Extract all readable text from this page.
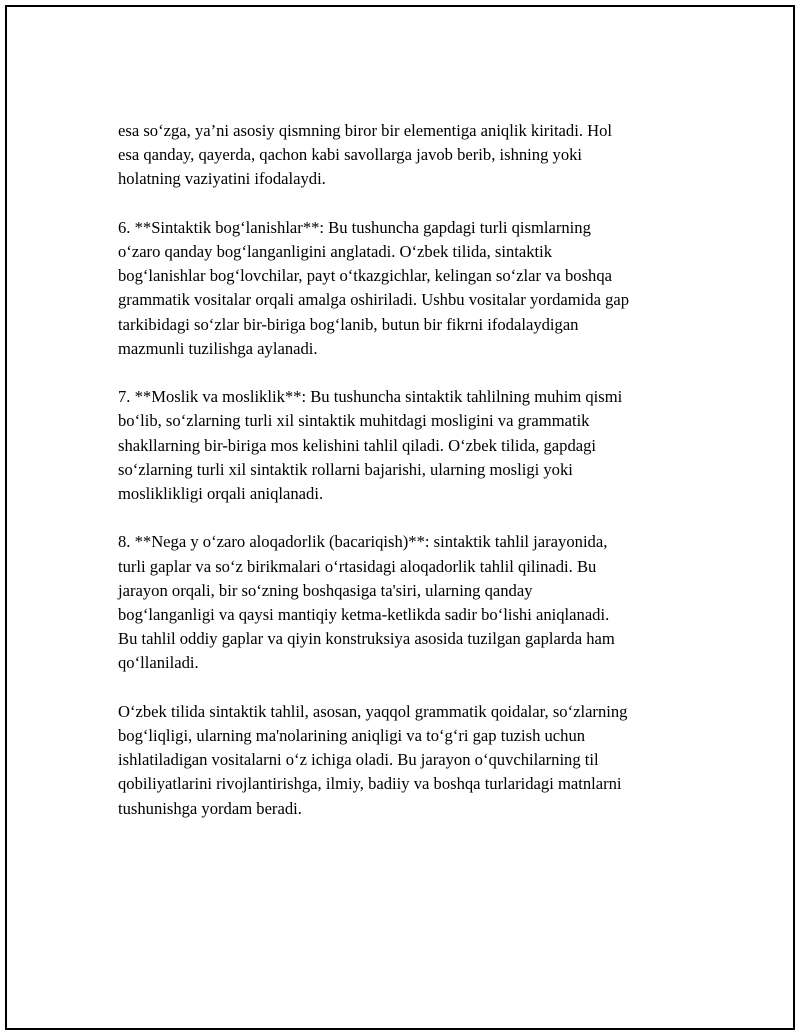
esa so‘zga, ya’ni asosiy qismning biror bir elementiga aniqlik kiritadi. Hol
esa qanday, qayerda, qachon kabi savollarga javob berib, ishning yoki
holatning vaziyatini ifodalaydi.

6. **Sintaktik bog‘lanishlar**: Bu tushuncha gapdagi turli qismlarning
o‘zaro qanday bog‘langanligini anglatadi. O‘zbek tilida, sintaktik
bog‘lanishlar bog‘lovchilar, payt o‘tkazgichlar, kelingan so‘zlar va boshqa
grammatik vositalar orqali amalga oshiriladi. Ushbu vositalar yordamida gap
tarkibidagi so‘zlar bir-biriga bog‘lanib, butun bir fikrni ifodalaydigan
mazmunli tuzilishga aylanadi.

7. **Moslik va mosliklik**: Bu tushuncha sintaktik tahlilning muhim qismi
bo‘lib, so‘zlarning turli xil sintaktik muhitdagi mosligini va grammatik
shakllarning bir-biriga mos kelishini tahlil qiladi. O‘zbek tilida, gapdagi
so‘zlarning turli xil sintaktik rollarni bajarishi, ularning mosligi yoki
mosliklikligi orqali aniqlanadi.

8. **Nega y o‘zaro aloqadorlik (bacariqish)**: sintaktik tahlil jarayonida,
turli gaplar va so‘z birikmalari o‘rtasidagi aloqadorlik tahlil qilinadi. Bu
jarayon orqali, bir so‘zning boshqasiga ta'siri, ularning qanday
bog‘langanligi va qaysi mantiqiy ketma-ketlikda sadir bo‘lishi aniqlanadi.
Bu tahlil oddiy gaplar va qiyin konstruksiya asosida tuzilgan gaplarda ham
qo‘llaniladi.

O‘zbek tilida sintaktik tahlil, asosan, yaqqol grammatik qoidalar, so‘zlarning
bog‘liqligi, ularning ma'nolarining aniqligi va to‘g‘ri gap tuzish uchun
ishlatiladigan vositalarni o‘z ichiga oladi. Bu jarayon o‘quvchilarning til
qobiliyatlarini rivojlantirishga, ilmiy, badiiy va boshqa turlaridagi matnlarni
tushunishga yordam beradi.
